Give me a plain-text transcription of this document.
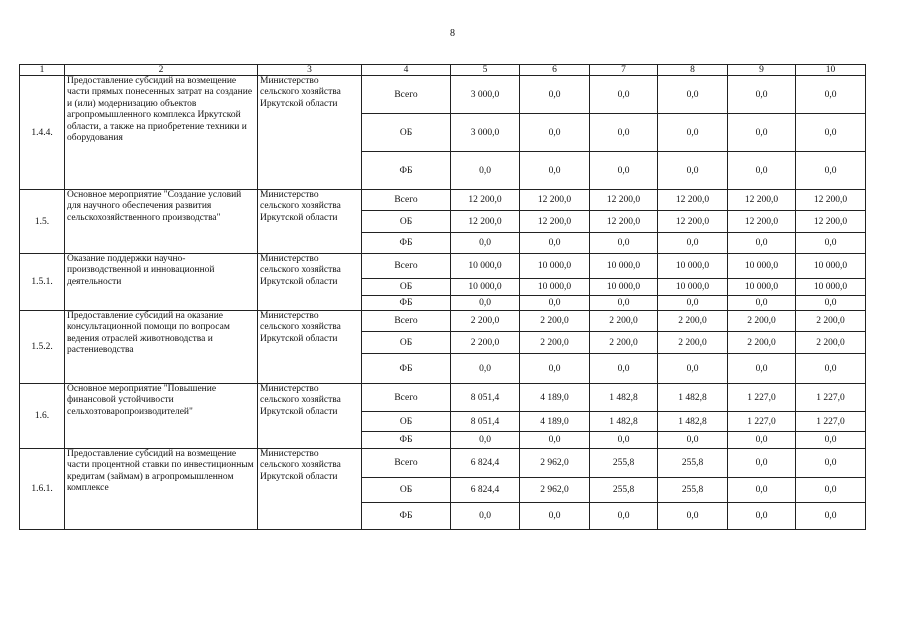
8
1	2	3	4	5	6	7	8	9	10
1.4.4.	Предоставление субсидий на возмещение части прямых понесенных затрат на создание и (или) модернизацию объектов агропромышленного комплекса Иркутской области, а также на приобретение техники и оборудования	Министерство сельского хозяйства Иркутской области	Всего	3 000,0	0,0	0,0	0,0	0,0	0,0
			ОБ	3 000,0	0,0	0,0	0,0	0,0	0,0
			ФБ	0,0	0,0	0,0	0,0	0,0	0,0
1.5.	Основное мероприятие "Создание условий для научного обеспечения развития сельскохозяйственного производства"	Министерство сельского хозяйства Иркутской области	Всего	12 200,0	12 200,0	12 200,0	12 200,0	12 200,0	12 200,0
			ОБ	12 200,0	12 200,0	12 200,0	12 200,0	12 200,0	12 200,0
			ФБ	0,0	0,0	0,0	0,0	0,0	0,0
1.5.1.	Оказание поддержки научно-производственной и инновационной деятельности	Министерство сельского хозяйства Иркутской области	Всего	10 000,0	10 000,0	10 000,0	10 000,0	10 000,0	10 000,0
			ОБ	10 000,0	10 000,0	10 000,0	10 000,0	10 000,0	10 000,0
			ФБ	0,0	0,0	0,0	0,0	0,0	0,0
1.5.2.	Предоставление субсидий на оказание консультационной помощи по вопросам ведения отраслей животноводства и растениеводства	Министерство сельского хозяйства Иркутской области	Всего	2 200,0	2 200,0	2 200,0	2 200,0	2 200,0	2 200,0
			ОБ	2 200,0	2 200,0	2 200,0	2 200,0	2 200,0	2 200,0
			ФБ	0,0	0,0	0,0	0,0	0,0	0,0
1.6.	Основное мероприятие "Повышение финансовой устойчивости сельхозтоваропроизводителей"	Министерство сельского хозяйства Иркутской области	Всего	8 051,4	4 189,0	1 482,8	1 482,8	1 227,0	1 227,0
			ОБ	8 051,4	4 189,0	1 482,8	1 482,8	1 227,0	1 227,0
			ФБ	0,0	0,0	0,0	0,0	0,0	0,0
1.6.1.	Предоставление субсидий на возмещение части процентной ставки по инвестиционным кредитам (займам) в агропромышленном комплексе	Министерство сельского хозяйства Иркутской области	Всего	6 824,4	2 962,0	255,8	255,8	0,0	0,0
			ОБ	6 824,4	2 962,0	255,8	255,8	0,0	0,0
			ФБ	0,0	0,0	0,0	0,0	0,0	0,0
